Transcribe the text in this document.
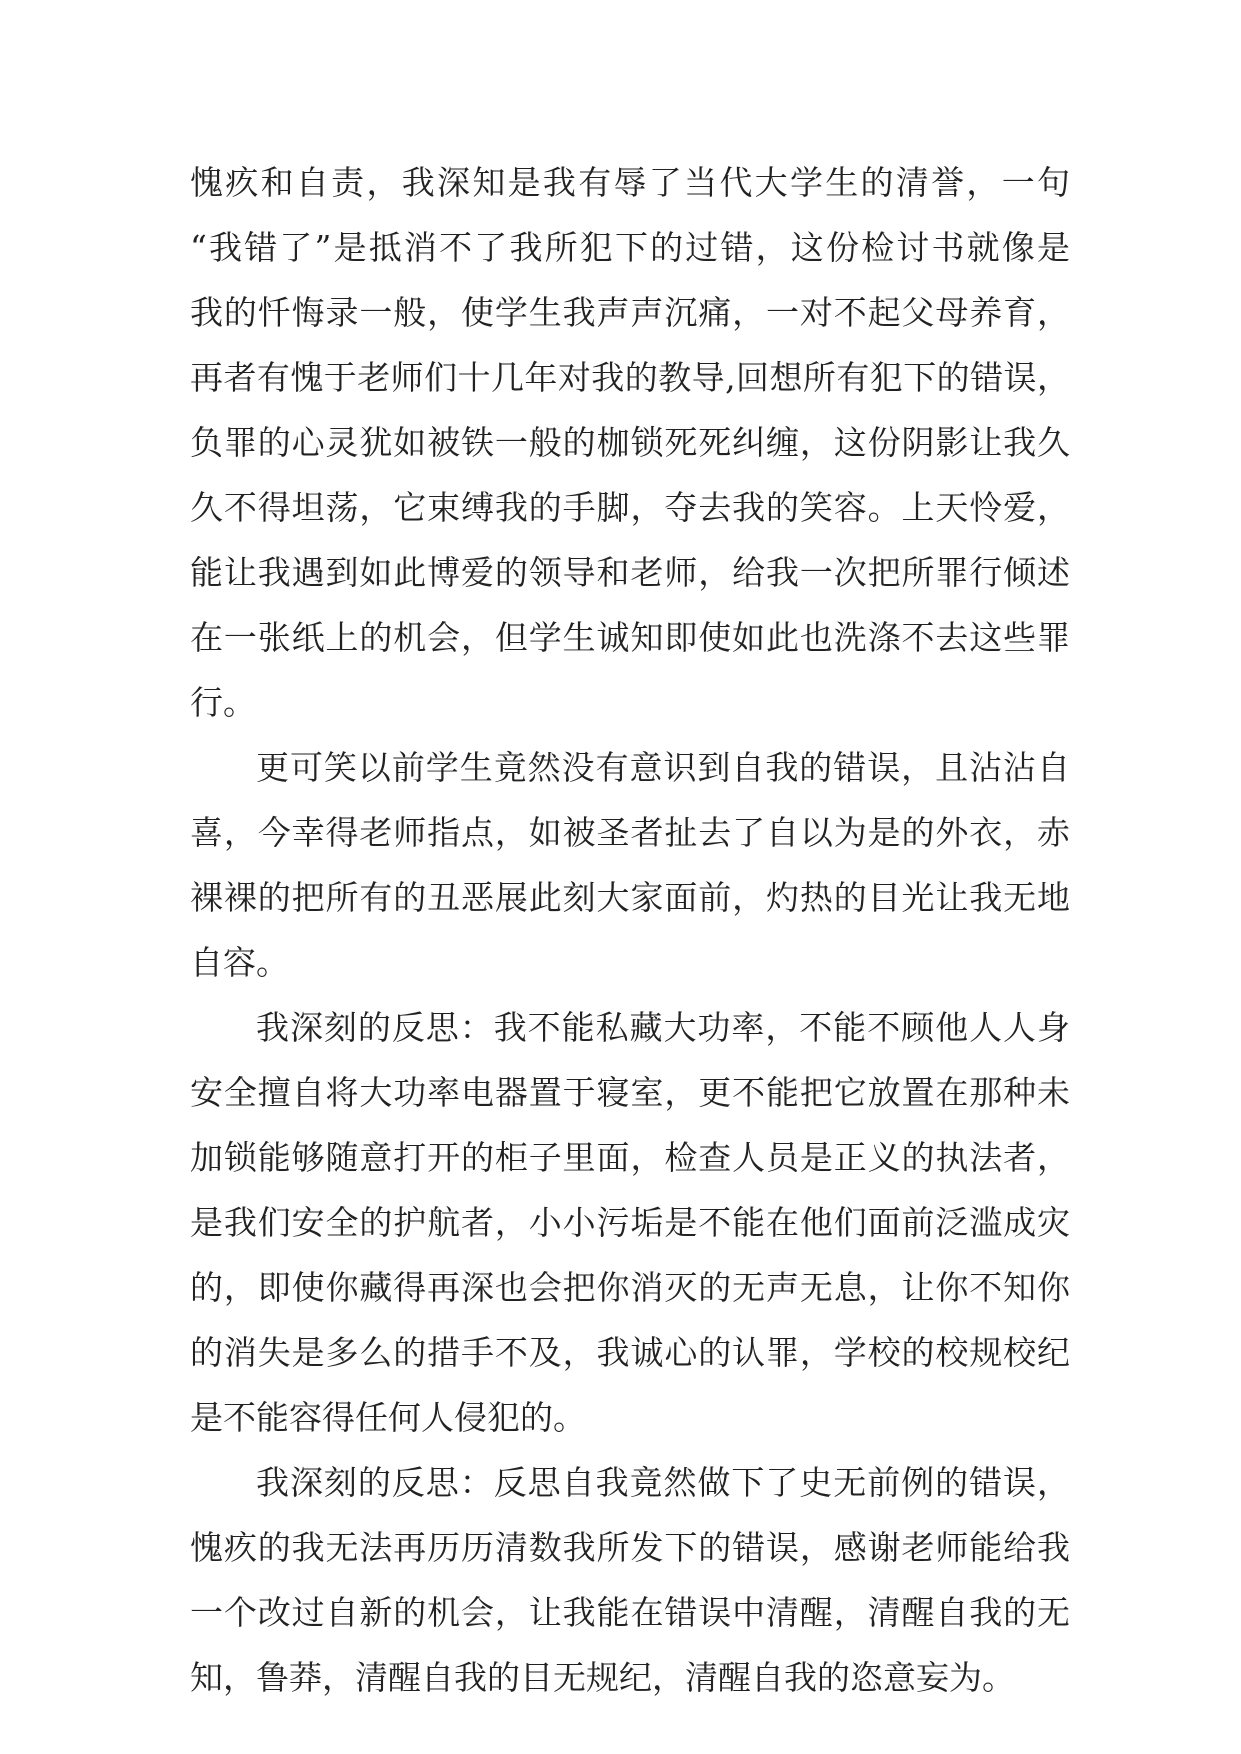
愧疚和自责，我深知是我有辱了当代大学生的清誉，一句
“我错了”是抵消不了我所犯下的过错，这份检讨书就像是
我的忏悔录一般，使学生我声声沉痛，一对不起父母养育，
再者有愧于老师们十几年对我的教导,回想所有犯下的错误，
负罪的心灵犹如被铁一般的枷锁死死纠缠，这份阴影让我久
久不得坦荡，它束缚我的手脚，夺去我的笑容。上天怜爱，
能让我遇到如此博爱的领导和老师，给我一次把所罪行倾述
在一张纸上的机会，但学生诚知即使如此也洗涤不去这些罪
行。
更可笑以前学生竟然没有意识到自我的错误，且沾沾自
喜，今幸得老师指点，如被圣者扯去了自以为是的外衣，赤
裸裸的把所有的丑恶展此刻大家面前，灼热的目光让我无地
自容。
我深刻的反思：我不能私藏大功率，不能不顾他人人身
安全擅自将大功率电器置于寝室，更不能把它放置在那种未
加锁能够随意打开的柜子里面，检查人员是正义的执法者，
是我们安全的护航者，小小污垢是不能在他们面前泛滥成灾
的，即使你藏得再深也会把你消灭的无声无息，让你不知你
的消失是多么的措手不及，我诚心的认罪，学校的校规校纪
是不能容得任何人侵犯的。
我深刻的反思：反思自我竟然做下了史无前例的错误，
愧疚的我无法再历历清数我所发下的错误，感谢老师能给我
一个改过自新的机会，让我能在错误中清醒，清醒自我的无
知，鲁莽，清醒自我的目无规纪，清醒自我的恣意妄为。
